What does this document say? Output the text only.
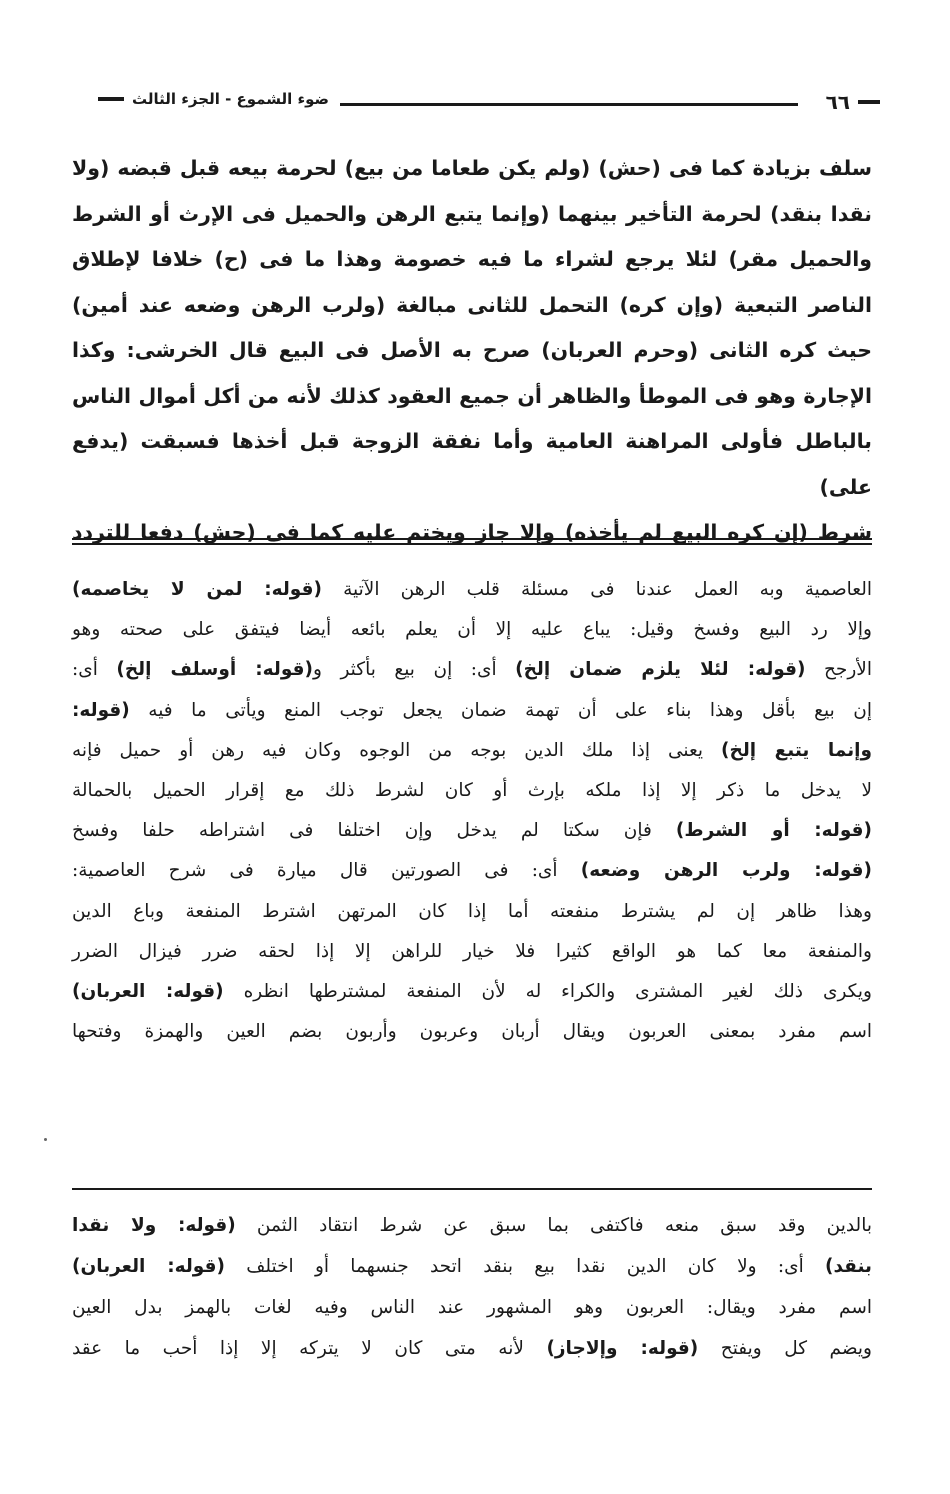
٦٦
ضوء الشموع - الجزء الثالث

سلف بزيادة كما فى (حش) (ولم يكن طعاما من بيع) لحرمة بيعه قبل قبضه (ولا

نقدا بنقد) لحرمة التأخير بينهما (وإنما يتبع الرهن والحميل فى الإرث أو الشرط

والحميل مقر) لئلا يرجع لشراء ما فيه خصومة وهذا ما فى (ح) خلافا لإطلاق

الناصر التبعية (وإن كره) التحمل للثانى مبالغة (ولرب الرهن وضعه عند أمين)

حيث كره الثانى (وحرم العربان) صرح به الأصل فى البيع قال الخرشى: وكذا

الإجارة وهو فى الموطأ والظاهر أن جميع العقود كذلك لأنه من أكل أموال الناس

بالباطل فأولى المراهنة العامية وأما نفقة الزوجة قبل أخذها فسبقت (يدفع على)

شرط (إن كره البيع لم يأخذه) وإلا جاز ويختم عليه كما فى (حش) دفعا للتردد

العاصمية وبه العمل عندنا فى مسئلة قلب الرهن الآتية (قوله: لمن لا يخاصمه)

وإلا رد البيع وفسخ وقيل: يباع عليه إلا أن يعلم بائعه أيضا فيتفق على صحته وهو

الأرجح (قوله: لئلا يلزم ضمان إلخ) أى: إن بيع بأكثر و(قوله: أوسلف إلخ) أى:

إن بيع بأقل وهذا بناء على أن تهمة ضمان يجعل توجب المنع ويأتى ما فيه (قوله:

وإنما يتبع إلخ) يعنى إذا ملك الدين بوجه من الوجوه وكان فيه رهن أو حميل فإنه

لا يدخل ما ذكر إلا إذا ملكه بإرث أو كان لشرط ذلك مع إقرار الحميل بالحمالة

(قوله: أو الشرط) فإن سكتا لم يدخل وإن اختلفا فى اشتراطه حلفا وفسخ

(قوله: ولرب الرهن وضعه) أى: فى الصورتين قال ميارة فى شرح العاصمية:

وهذا ظاهر إن لم يشترط منفعته أما إذا كان المرتهن اشترط المنفعة وباع الدين

والمنفعة معا كما هو الواقع كثيرا فلا خيار للراهن إلا إذا لحقه ضرر فيزال الضرر

ويكرى ذلك لغير المشترى والكراء له لأن المنفعة لمشترطها انظره (قوله: العربان)

اسم مفرد بمعنى العربون ويقال أربان وعربون وأربون بضم العين والهمزة وفتحها

بالدين وقد سبق منعه فاكتفى بما سبق عن شرط انتقاد الثمن (قوله: ولا نقدا

بنقد) أى: ولا كان الدين نقدا بيع بنقد اتحد جنسهما أو اختلف (قوله: العربان)

اسم مفرد ويقال: العربون وهو المشهور عند الناس وفيه لغات بالهمز بدل العين

ويضم كل ويفتح (قوله: وإلاجاز) لأنه متى كان لا يتركه إلا إذا أحب ما عقد
